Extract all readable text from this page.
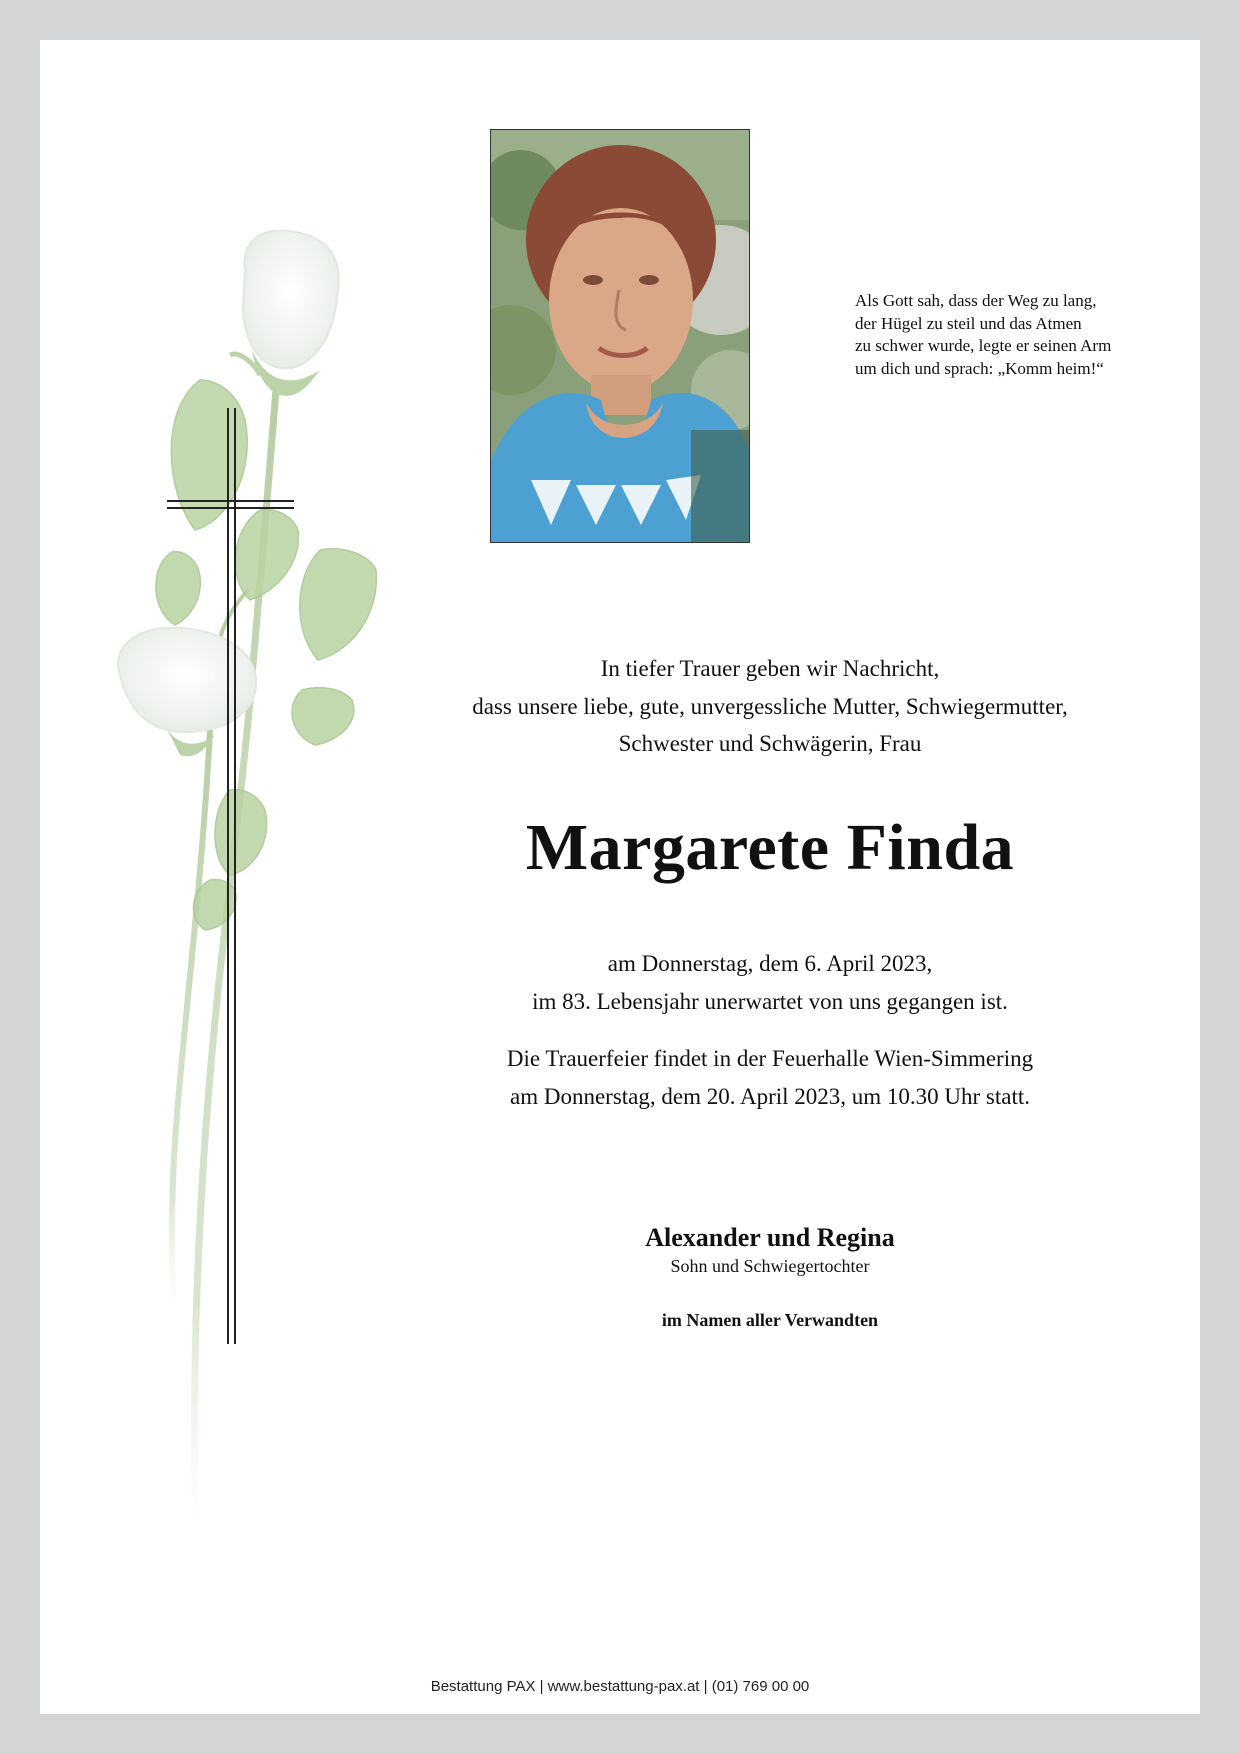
Als Gott sah, dass der Weg zu lang,
der Hügel zu steil und das Atmen
zu schwer wurde, legte er seinen Arm
um dich und sprach: „Komm heim!“
In tiefer Trauer geben wir Nachricht,
dass unsere liebe, gute, unvergessliche Mutter, Schwiegermutter,
Schwester und Schwägerin, Frau
Margarete Finda
am Donnerstag, dem 6. April 2023,
im 83. Lebensjahr unerwartet von uns gegangen ist.
Die Trauerfeier findet in der Feuerhalle Wien-Simmering
am Donnerstag, dem 20. April 2023, um 10.30 Uhr statt.
Alexander und Regina
Sohn und Schwiegertochter
im Namen aller Verwandten
Bestattung PAX | www.bestattung-pax.at | (01) 769 00 00
